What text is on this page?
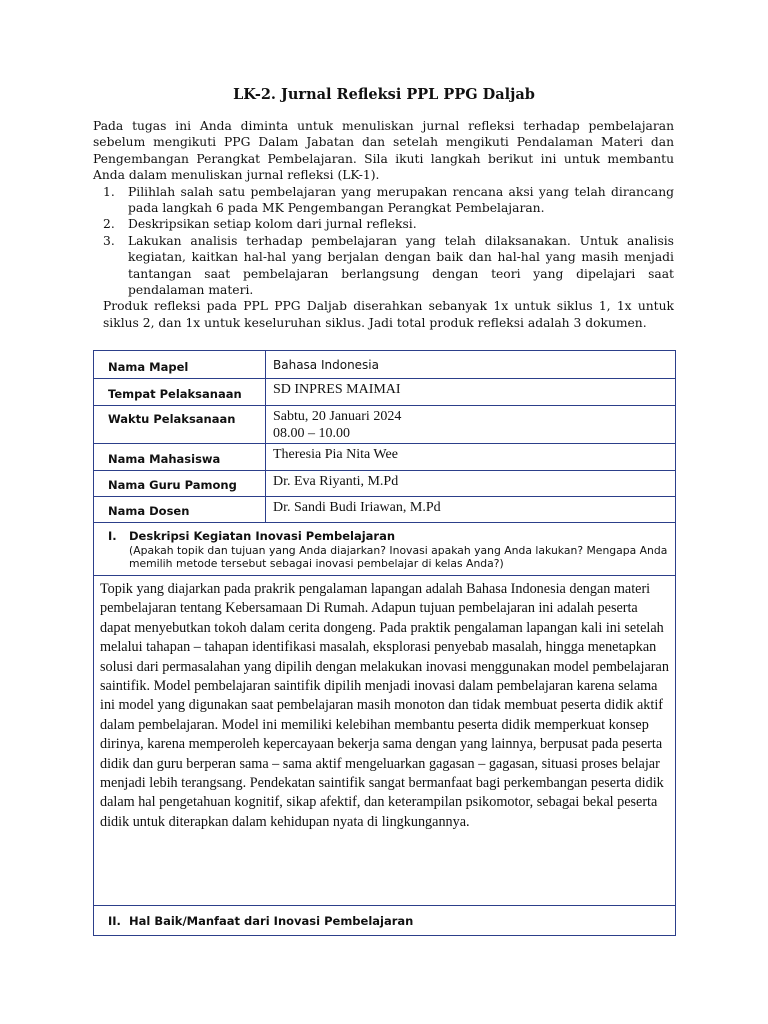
LK-2. Jurnal Refleksi PPL PPG Daljab

Pada tugas ini Anda diminta untuk menuliskan jurnal refleksi terhadap pembelajaran sebelum mengikuti PPG Dalam Jabatan dan setelah mengikuti Pendalaman Materi dan Pengembangan Perangkat Pembelajaran. Sila ikuti langkah berikut ini untuk membantu Anda dalam menuliskan jurnal refleksi (LK-1).

1. Pilihlah salah satu pembelajaran yang merupakan rencana aksi yang telah dirancang pada langkah 6 pada MK Pengembangan Perangkat Pembelajaran.
2. Deskripsikan setiap kolom dari jurnal refleksi.
3. Lakukan analisis terhadap pembelajaran yang telah dilaksanakan. Untuk analisis kegiatan, kaitkan hal-hal yang berjalan dengan baik dan hal-hal yang masih menjadi tantangan saat pembelajaran berlangsung dengan teori yang dipelajari saat pendalaman materi.

Produk refleksi pada PPL PPG Daljab diserahkan sebanyak 1x untuk siklus 1, 1x untuk siklus 2, dan 1x untuk keseluruhan siklus. Jadi total produk refleksi adalah 3 dokumen.

Nama Mapel	Bahasa Indonesia

Tempat Pelaksanaan	SD INPRES MAIMAI

Waktu Pelaksanaan	Sabtu, 20 Januari 2024
08.00 – 10.00

Nama Mahasiswa	Theresia Pia Nita Wee

Nama Guru Pamong	Dr. Eva Riyanti, M.Pd

Nama Dosen	Dr. Sandi Budi Iriawan, M.Pd

I. Deskripsi Kegiatan Inovasi Pembelajaran
(Apakah topik dan tujuan yang Anda diajarkan? Inovasi apakah yang Anda lakukan? Mengapa Anda memilih metode tersebut sebagai inovasi pembelajar di kelas Anda?)	

Topik yang diajarkan pada prakrik pengalaman lapangan adalah Bahasa Indonesia dengan materi pembelajaran tentang Kebersamaan Di Rumah. Adapun tujuan pembelajaran ini adalah peserta dapat menyebutkan tokoh dalam cerita dongeng. Pada praktik pengalaman lapangan kali ini setelah melalui tahapan – tahapan identifikasi masalah, eksplorasi penyebab masalah, hingga menetapkan solusi dari permasalahan yang dipilih dengan melakukan inovasi menggunakan model pembelajaran saintifik. Model pembelajaran saintifik dipilih menjadi inovasi dalam pembelajaran karena selama ini model yang digunakan saat pembelajaran masih monoton dan tidak membuat peserta didik aktif dalam pembelajaran. Model ini memiliki kelebihan membantu peserta didik memperkuat konsep dirinya, karena memperoleh kepercayaan bekerja sama dengan yang lainnya, berpusat pada peserta didik dan guru berperan sama – sama aktif mengeluarkan gagasan – gagasan, situasi proses belajar menjadi lebih terangsang. Pendekatan saintifik sangat bermanfaat bagi perkembangan peserta didik dalam hal pengetahuan kognitif, sikap afektif, dan keterampilan psikomotor, sebagai bekal peserta didik untuk diterapkan dalam kehidupan nyata di lingkungannya.	

II. Hal Baik/Manfaat dari Inovasi Pembelajaran	
